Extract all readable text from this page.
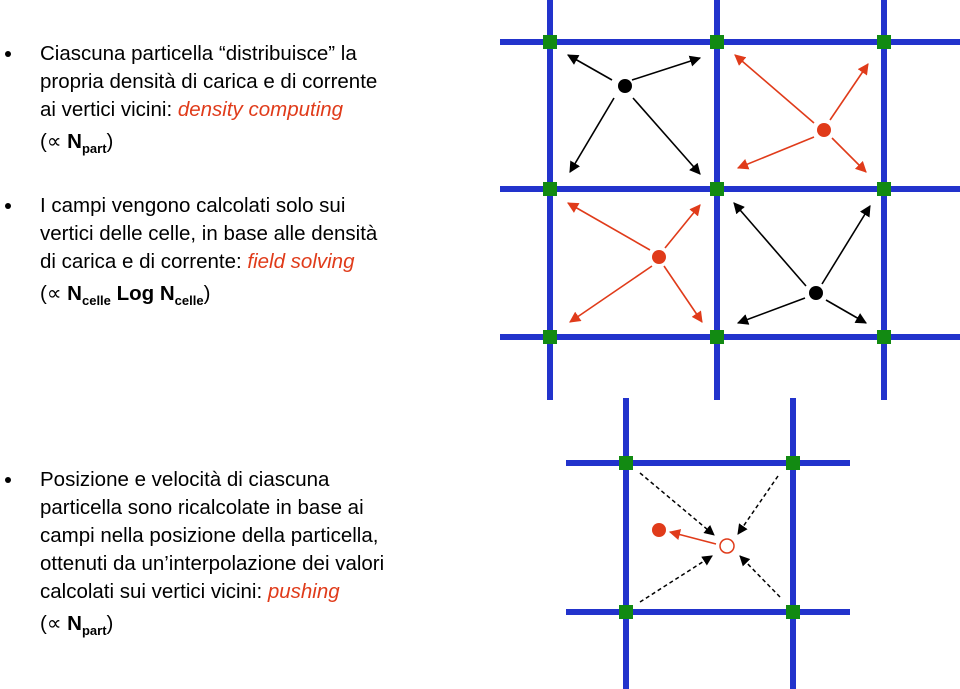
Ciascuna particella “distribuisce” la
propria densità di carica e di corrente
ai vertici vicini: density computing
(∝ $N_{part}$)
I campi vengono calcolati solo sui
vertici delle celle, in base alle densità
di carica e di corrente: field solving
(∝ $N_{celle}$ Log $N_{celle}$)
Posizione e velocità di ciascuna
particella sono ricalcolate in base ai
campi nella posizione della particella,
ottenuti da un’interpolazione dei valori
calcolati sui vertici vicini: pushing
(∝ $N_{part}$)
